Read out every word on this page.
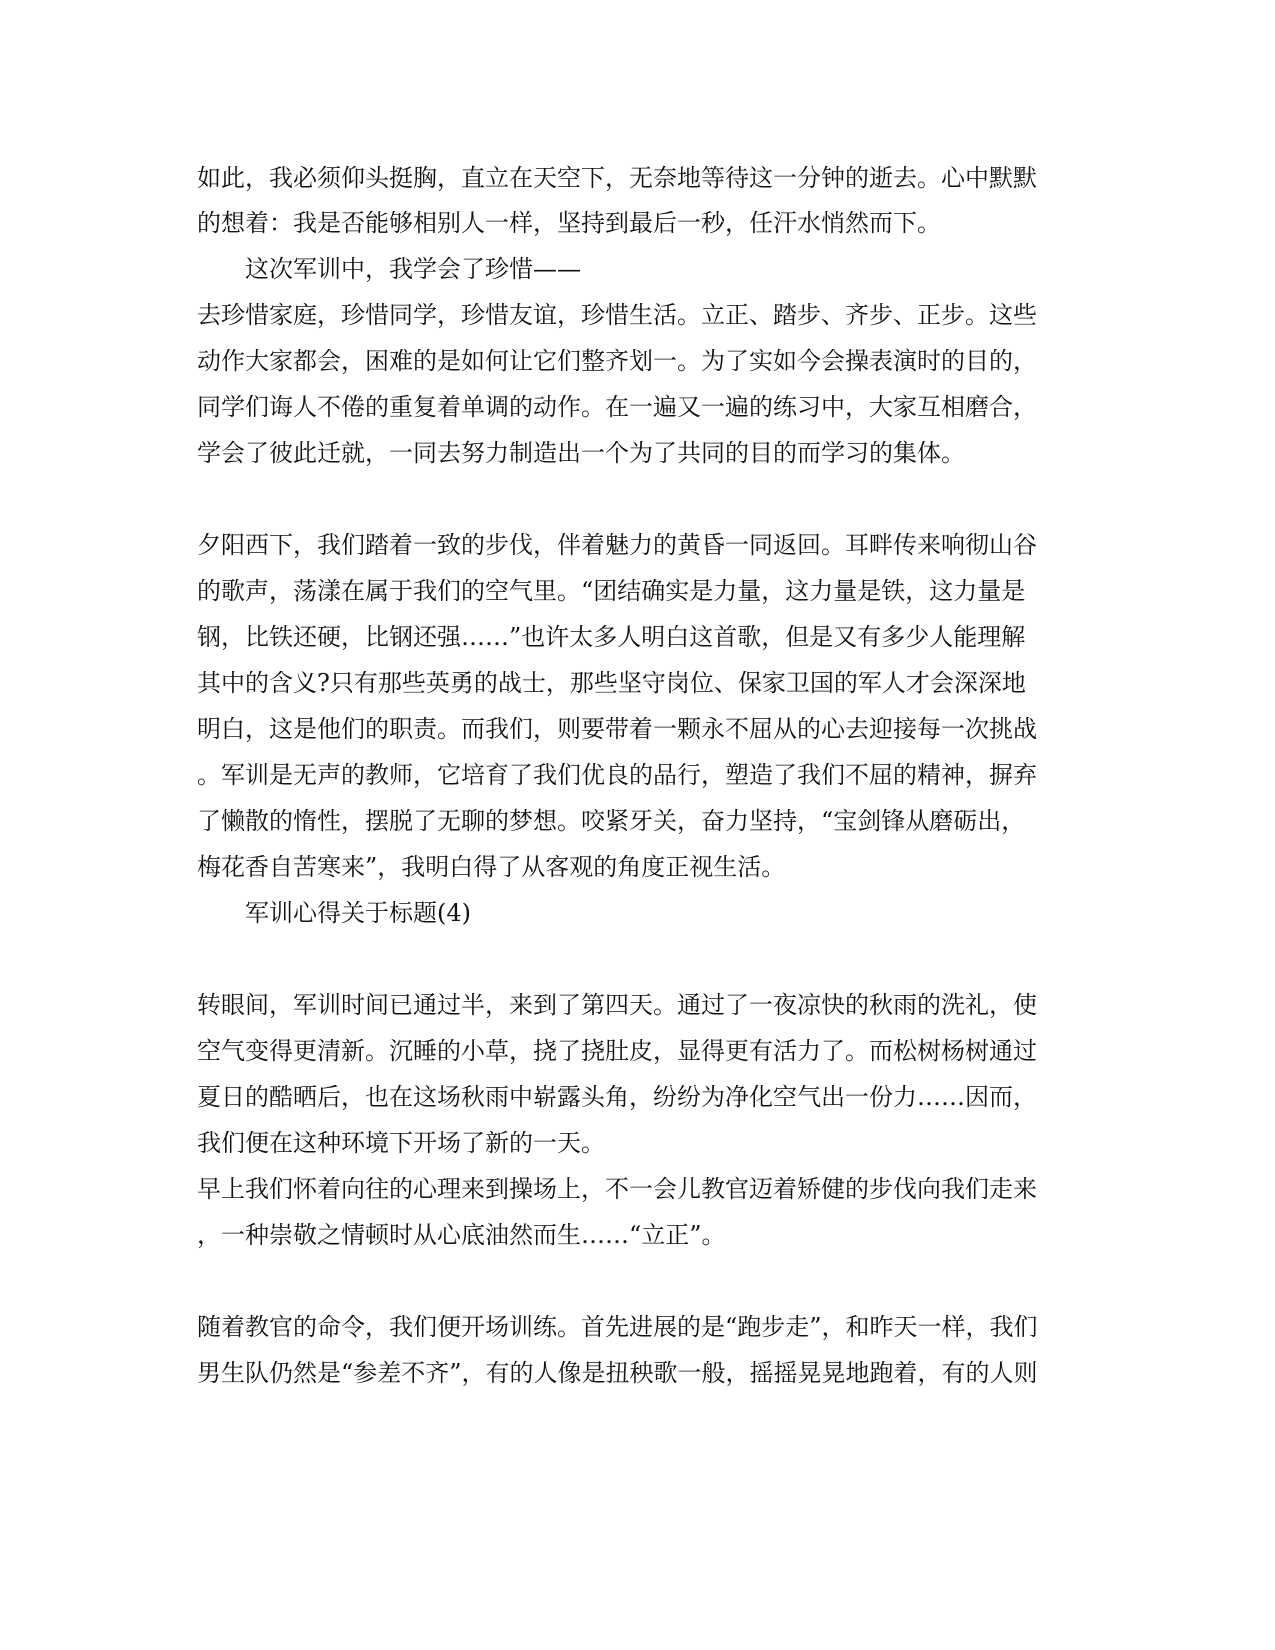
如此，我必须仰头挺胸，直立在天空下，无奈地等待这一分钟的逝去。心中默默
的想着：我是否能够相别人一样，坚持到最后一秒，任汗水悄然而下。
这次军训中，我学会了珍惜——
去珍惜家庭，珍惜同学，珍惜友谊，珍惜生活。立正、踏步、齐步、正步。这些
动作大家都会，困难的是如何让它们整齐划一。为了实如今会操表演时的目的，
同学们诲人不倦的重复着单调的动作。在一遍又一遍的练习中，大家互相磨合，
学会了彼此迁就，一同去努力制造出一个为了共同的目的而学习的集体。
夕阳西下，我们踏着一致的步伐，伴着魅力的黄昏一同返回。耳畔传来响彻山谷
的歌声，荡漾在属于我们的空气里。“团结确实是力量，这力量是铁，这力量是
钢，比铁还硬，比钢还强……”也许太多人明白这首歌，但是又有多少人能理解
其中的含义?只有那些英勇的战士，那些坚守岗位、保家卫国的军人才会深深地
明白，这是他们的职责。而我们，则要带着一颗永不屈从的心去迎接每一次挑战
。军训是无声的教师，它培育了我们优良的品行，塑造了我们不屈的精神，摒弃
了懒散的惰性，摆脱了无聊的梦想。咬紧牙关，奋力坚持，“宝剑锋从磨砺出，
梅花香自苦寒来”，我明白得了从客观的角度正视生活。
军训心得关于标题(4)
转眼间，军训时间已通过半，来到了第四天。通过了一夜凉快的秋雨的洗礼，使
空气变得更清新。沉睡的小草，挠了挠肚皮，显得更有活力了。而松树杨树通过
夏日的酷晒后，也在这场秋雨中崭露头角，纷纷为净化空气出一份力……因而，
我们便在这种环境下开场了新的一天。
早上我们怀着向往的心理来到操场上，不一会儿教官迈着矫健的步伐向我们走来
，一种崇敬之情顿时从心底油然而生……“立正”。
随着教官的命令，我们便开场训练。首先进展的是“跑步走”，和昨天一样，我们
男生队仍然是“参差不齐”，有的人像是扭秧歌一般，摇摇晃晃地跑着，有的人则
